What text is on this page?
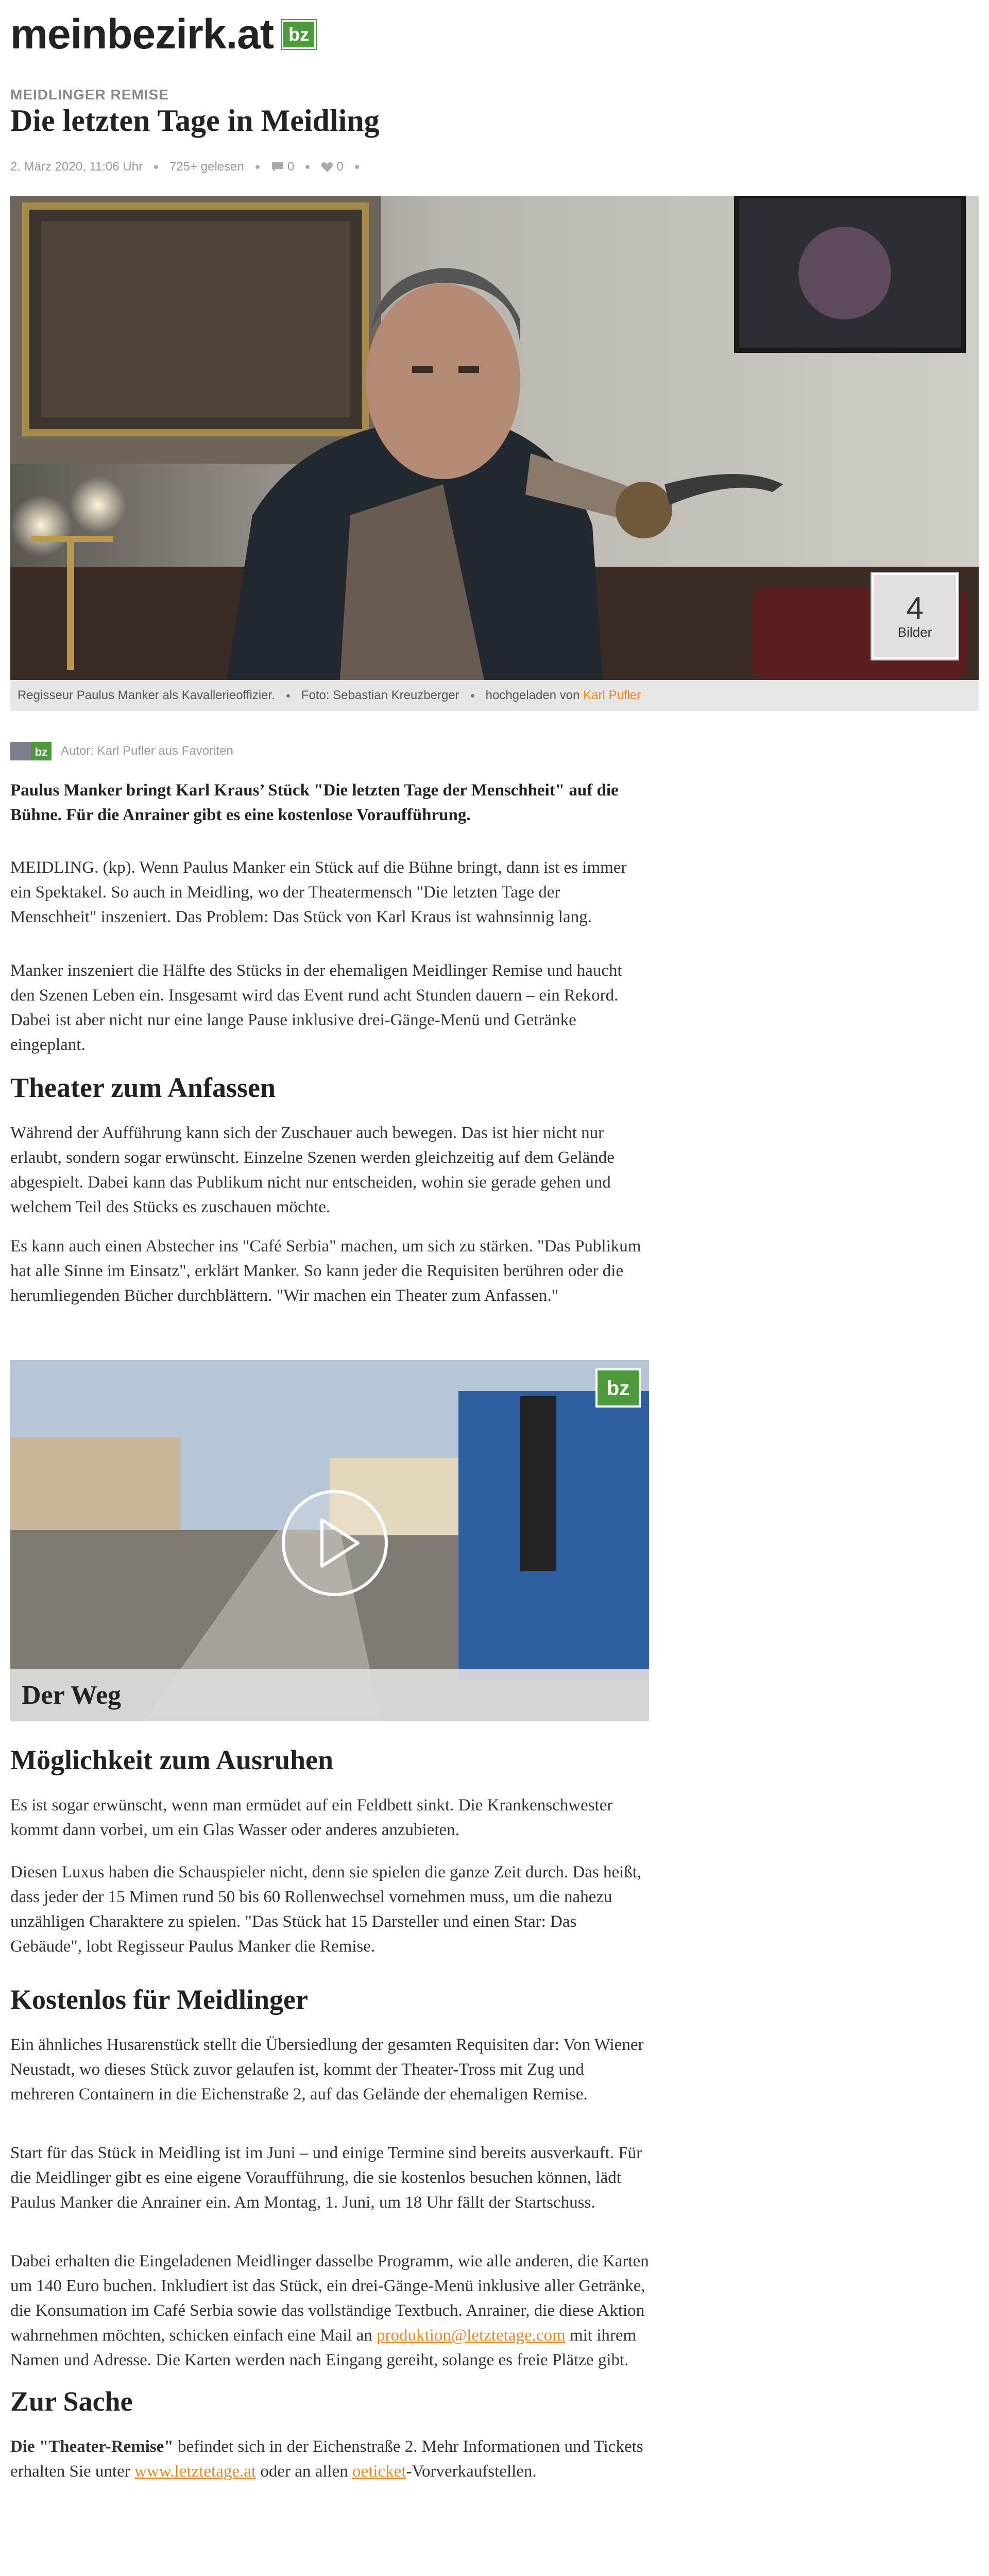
meinbezirk.at bz
MEIDLINGER REMISE
Die letzten Tage in Meidling
2. März 2020, 11:06 Uhr 725+ gelesen	0	0
4
Bilder
Regisseur Paulus Manker als Kavallerieoffizier. Foto: Sebastian Kreuzberger hochgeladen von Karl Pufler
bz Autor: Karl Pufler aus Favoriten

Paulus Manker bringt Karl Kraus’ Stück "Die letzten Tage der Menschheit" auf die Bühne. Für die Anrainer gibt es eine kostenlose Voraufführung.

MEIDLING. (kp). Wenn Paulus Manker ein Stück auf die Bühne bringt, dann ist es immer ein Spektakel. So auch in Meidling, wo der Theatermensch "Die letzten Tage der Menschheit" inszeniert. Das Problem: Das Stück von Karl Kraus ist wahnsinnig lang.

Manker inszeniert die Hälfte des Stücks in der ehemaligen Meidlinger Remise und haucht den Szenen Leben ein. Insgesamt wird das Event rund acht Stunden dauern – ein Rekord. Dabei ist aber nicht nur eine lange Pause inklusive drei-Gänge-Menü und Getränke eingeplant.

Theater zum Anfassen

Während der Aufführung kann sich der Zuschauer auch bewegen. Das ist hier nicht nur erlaubt, sondern sogar erwünscht. Einzelne Szenen werden gleichzeitig auf dem Gelände abgespielt. Dabei kann das Publikum nicht nur entscheiden, wohin sie gerade gehen und welchem Teil des Stücks es zuschauen möchte.

Es kann auch einen Abstecher ins "Café Serbia" machen, um sich zu stärken. "Das Publikum hat alle Sinne im Einsatz", erklärt Manker. So kann jeder die Requisiten berühren oder die herumliegenden Bücher durchblättern. "Wir machen ein Theater zum Anfassen."

bz
Der Weg
Möglichkeit zum Ausruhen

Es ist sogar erwünscht, wenn man ermüdet auf ein Feldbett sinkt. Die Krankenschwester kommt dann vorbei, um ein Glas Wasser oder anderes anzubieten.

Diesen Luxus haben die Schauspieler nicht, denn sie spielen die ganze Zeit durch. Das heißt, dass jeder der 15 Mimen rund 50 bis 60 Rollenwechsel vornehmen muss, um die nahezu unzähligen Charaktere zu spielen. "Das Stück hat 15 Darsteller und einen Star: Das Gebäude", lobt Regisseur Paulus Manker die Remise.

Kostenlos für Meidlinger

Ein ähnliches Husarenstück stellt die Übersiedlung der gesamten Requisiten dar: Von Wiener Neustadt, wo dieses Stück zuvor gelaufen ist, kommt der Theater-Tross mit Zug und mehreren Containern in die Eichenstraße 2, auf das Gelände der ehemaligen Remise.

Start für das Stück in Meidling ist im Juni – und einige Termine sind bereits ausverkauft. Für die Meidlinger gibt es eine eigene Voraufführung, die sie kostenlos besuchen können, lädt Paulus Manker die Anrainer ein. Am Montag, 1. Juni, um 18 Uhr fällt der Startschuss.

Dabei erhalten die Eingeladenen Meidlinger dasselbe Programm, wie alle anderen, die Karten um 140 Euro buchen. Inkludiert ist das Stück, ein drei-Gänge-Menü inklusive aller Getränke, die Konsumation im Café Serbia sowie das vollständige Textbuch. Anrainer, die diese Aktion wahrnehmen möchten, schicken einfach eine Mail an produktion@letztetage.com mit ihrem Namen und Adresse. Die Karten werden nach Eingang gereiht, solange es freie Plätze gibt.

Zur Sache

Die "Theater-Remise" befindet sich in der Eichenstraße 2. Mehr Informationen und Tickets erhalten Sie unter www.letztetage.at oder an allen oeticket-Vorverkaufstellen.
